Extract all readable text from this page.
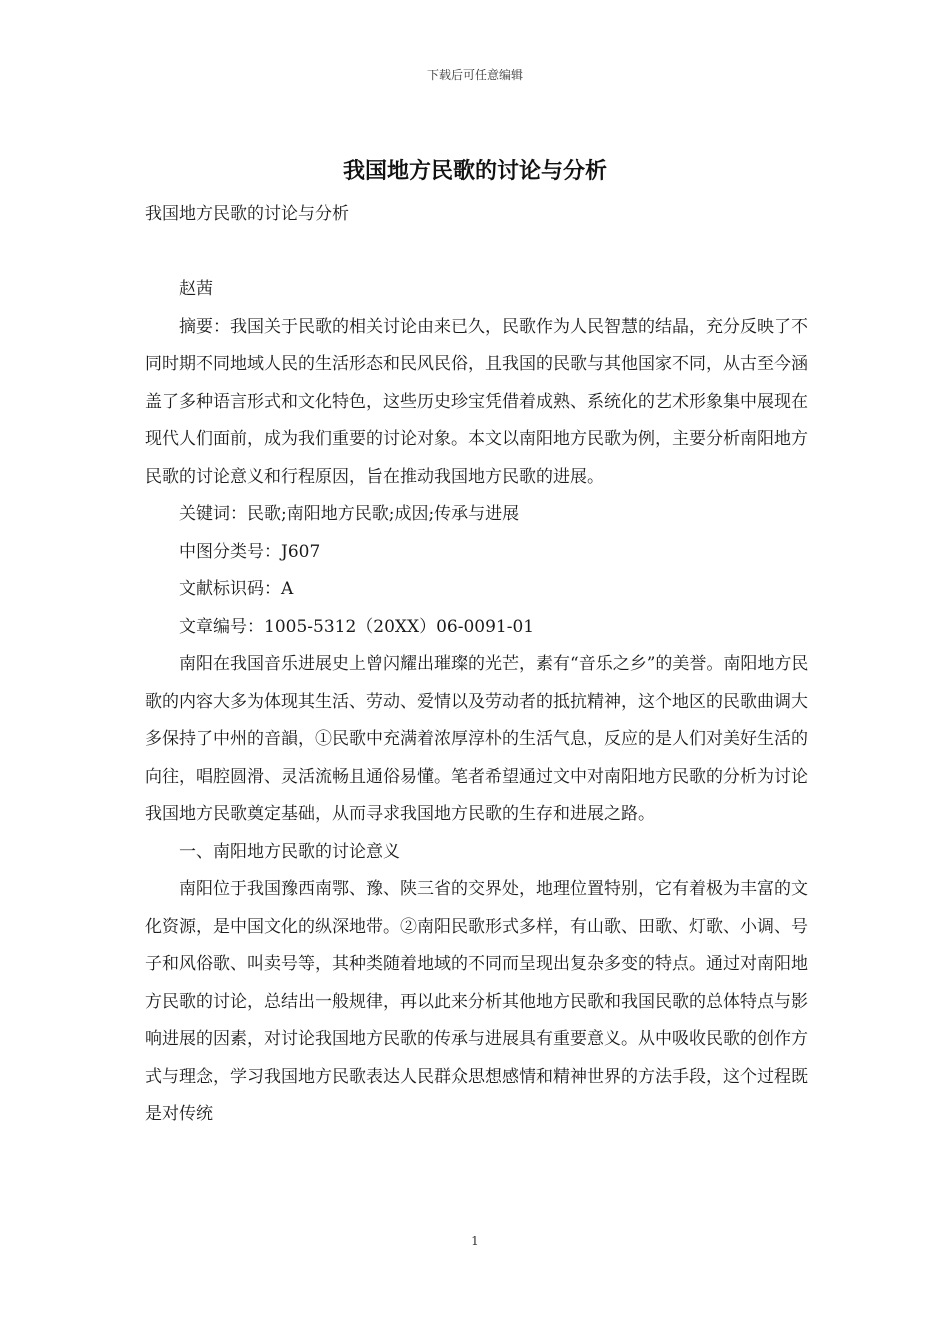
下载后可任意编辑
我国地方民歌的讨论与分析

我国地方民歌的讨论与分析

赵茜

摘要：我国关于民歌的相关讨论由来已久，民歌作为人民智慧的结晶，充分反映了不同时期不同地域人民的生活形态和民风民俗，且我国的民歌与其他国家不同，从古至今涵盖了多种语言形式和文化特色，这些历史珍宝凭借着成熟、系统化的艺术形象集中展现在现代人们面前，成为我们重要的讨论对象。本文以南阳地方民歌为例，主要分析南阳地方民歌的讨论意义和行程原因，旨在推动我国地方民歌的进展。

关键词：民歌;南阳地方民歌;成因;传承与进展

中图分类号：J607

文献标识码：A

文章编号：1005-5312（20XX）06-0091-01

南阳在我国音乐进展史上曾闪耀出璀璨的光芒，素有“音乐之乡”的美誉。南阳地方民歌的内容大多为体现其生活、劳动、爱情以及劳动者的抵抗精神，这个地区的民歌曲调大多保持了中州的音韻，①民歌中充满着浓厚淳朴的生活气息，反应的是人们对美好生活的向往，唱腔圆滑、灵活流畅且通俗易懂。笔者希望通过文中对南阳地方民歌的分析为讨论我国地方民歌奠定基础，从而寻求我国地方民歌的生存和进展之路。

一、南阳地方民歌的讨论意义

南阳位于我国豫西南鄂、豫、陕三省的交界处，地理位置特别，它有着极为丰富的文化资源，是中国文化的纵深地带。②南阳民歌形式多样，有山歌、田歌、灯歌、小调、号子和风俗歌、叫卖号等，其种类随着地域的不同而呈现出复杂多变的特点。通过对南阳地方民歌的讨论，总结出一般规律，再以此来分析其他地方民歌和我国民歌的总体特点与影响进展的因素，对讨论我国地方民歌的传承与进展具有重要意义。从中吸收民歌的创作方式与理念，学习我国地方民歌表达人民群众思想感情和精神世界的方法手段，这个过程既是对传统

1
